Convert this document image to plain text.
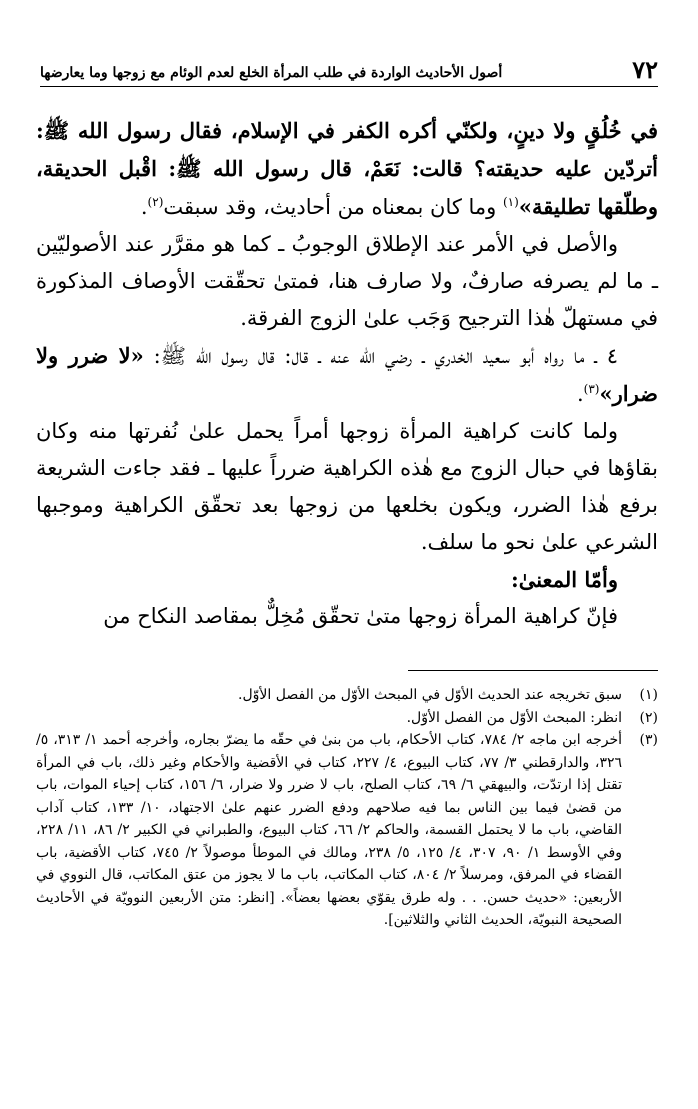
٧٢
أصول الأحاديث الواردة في طلب المرأة الخلع لعدم الوئام مع زوجها وما يعارضها

في خُلُقٍ ولا دينٍ، ولكنّي أكره الكفر في الإسلام، فقال رسول الله ﷺ: أتردّين عليه حديقته؟ قالت: نَعَمْ، قال رسول الله ﷺ: اقْبل الحديقة، وطلّقها تطليقة»$^{(١)}$ وما كان بمعناه من أحاديث، وقد سبقت$^{(٢)}$.

والأصل في الأمر عند الإطلاق الوجوبُ ـ كما هو مقرَّر عند الأصوليّين ـ ما لم يصرفه صارفٌ، ولا صارف هنا، فمتىٰ تحقّقت الأوصاف المذكورة في مستهلّ هٰذا الترجيح وَجَب علىٰ الزوج الفرقة.

٤ ـ ما رواه أبو سعيد الخدري ـ رضي الله عنه ـ قال: قال رسول الله ﷺ: «لا ضرر ولا ضرار»$^{(٣)}$.

ولما كانت كراهية المرأة زوجها أمراً يحمل علىٰ نُفرتها منه وكان بقاؤها في حبال الزوج مع هٰذه الكراهية ضرراً عليها ـ فقد جاءت الشريعة برفع هٰذا الضرر، ويكون بخلعها من زوجها بعد تحقّق الكراهية وموجبها الشرعي علىٰ نحو ما سلف.

وأمّا المعنىٰ:

فإنّ كراهية المرأة زوجها متىٰ تحقّق مُخِلٌّ بمقاصد النكاح من

(١)
سبق تخريجه عند الحديث الأوّل في المبحث الأوّل من الفصل الأوّل.
(٢)
انظر: المبحث الأوّل من الفصل الأوّل.
(٣)
أخرجه ابن ماجه ٢/ ٧٨٤، كتاب الأحكام، باب من بنىٰ في حقّه ما يضرّ بجاره، وأخرجه أحمد ١/ ٣١٣، ٥/ ٣٢٦، والدارقطني ٣/ ٧٧، كتاب البيوع، ٤/ ٢٢٧، كتاب في الأقضية والأحكام وغير ذلك، باب في المرأة تقتل إذا ارتدّت، والبيهقي ٦/ ٦٩، كتاب الصلح، باب لا ضرر ولا ضرار، ٦/ ١٥٦، كتاب إحياء الموات، باب من قضىٰ فيما بين الناس بما فيه صلاحهم ودفع الضرر عنهم علىٰ الاجتهاد، ١٠/ ١٣٣، كتاب آداب القاضي، باب ما لا يحتمل القسمة، والحاكم ٢/ ٦٦، كتاب البيوع، والطبراني في الكبير ٢/ ٨٦، ١١/ ٢٢٨، وفي الأوسط ١/ ٩٠، ٣٠٧، ٤/ ١٢٥، ٥/ ٢٣٨، ومالك في الموطأ موصولاً ٢/ ٧٤٥، كتاب الأقضية، باب القضاء في المرفق، ومرسلاً ٢/ ٨٠٤، كتاب المكاتب، باب ما لا يجوز من عتق المكاتب، قال النووي في الأربعين: «حديث حسن. . . وله طرق يقوّي بعضها بعضاً». [انظر: متن الأربعين النوويّة في الأحاديث الصحيحة النبويّة، الحديث الثاني والثلاثين].
